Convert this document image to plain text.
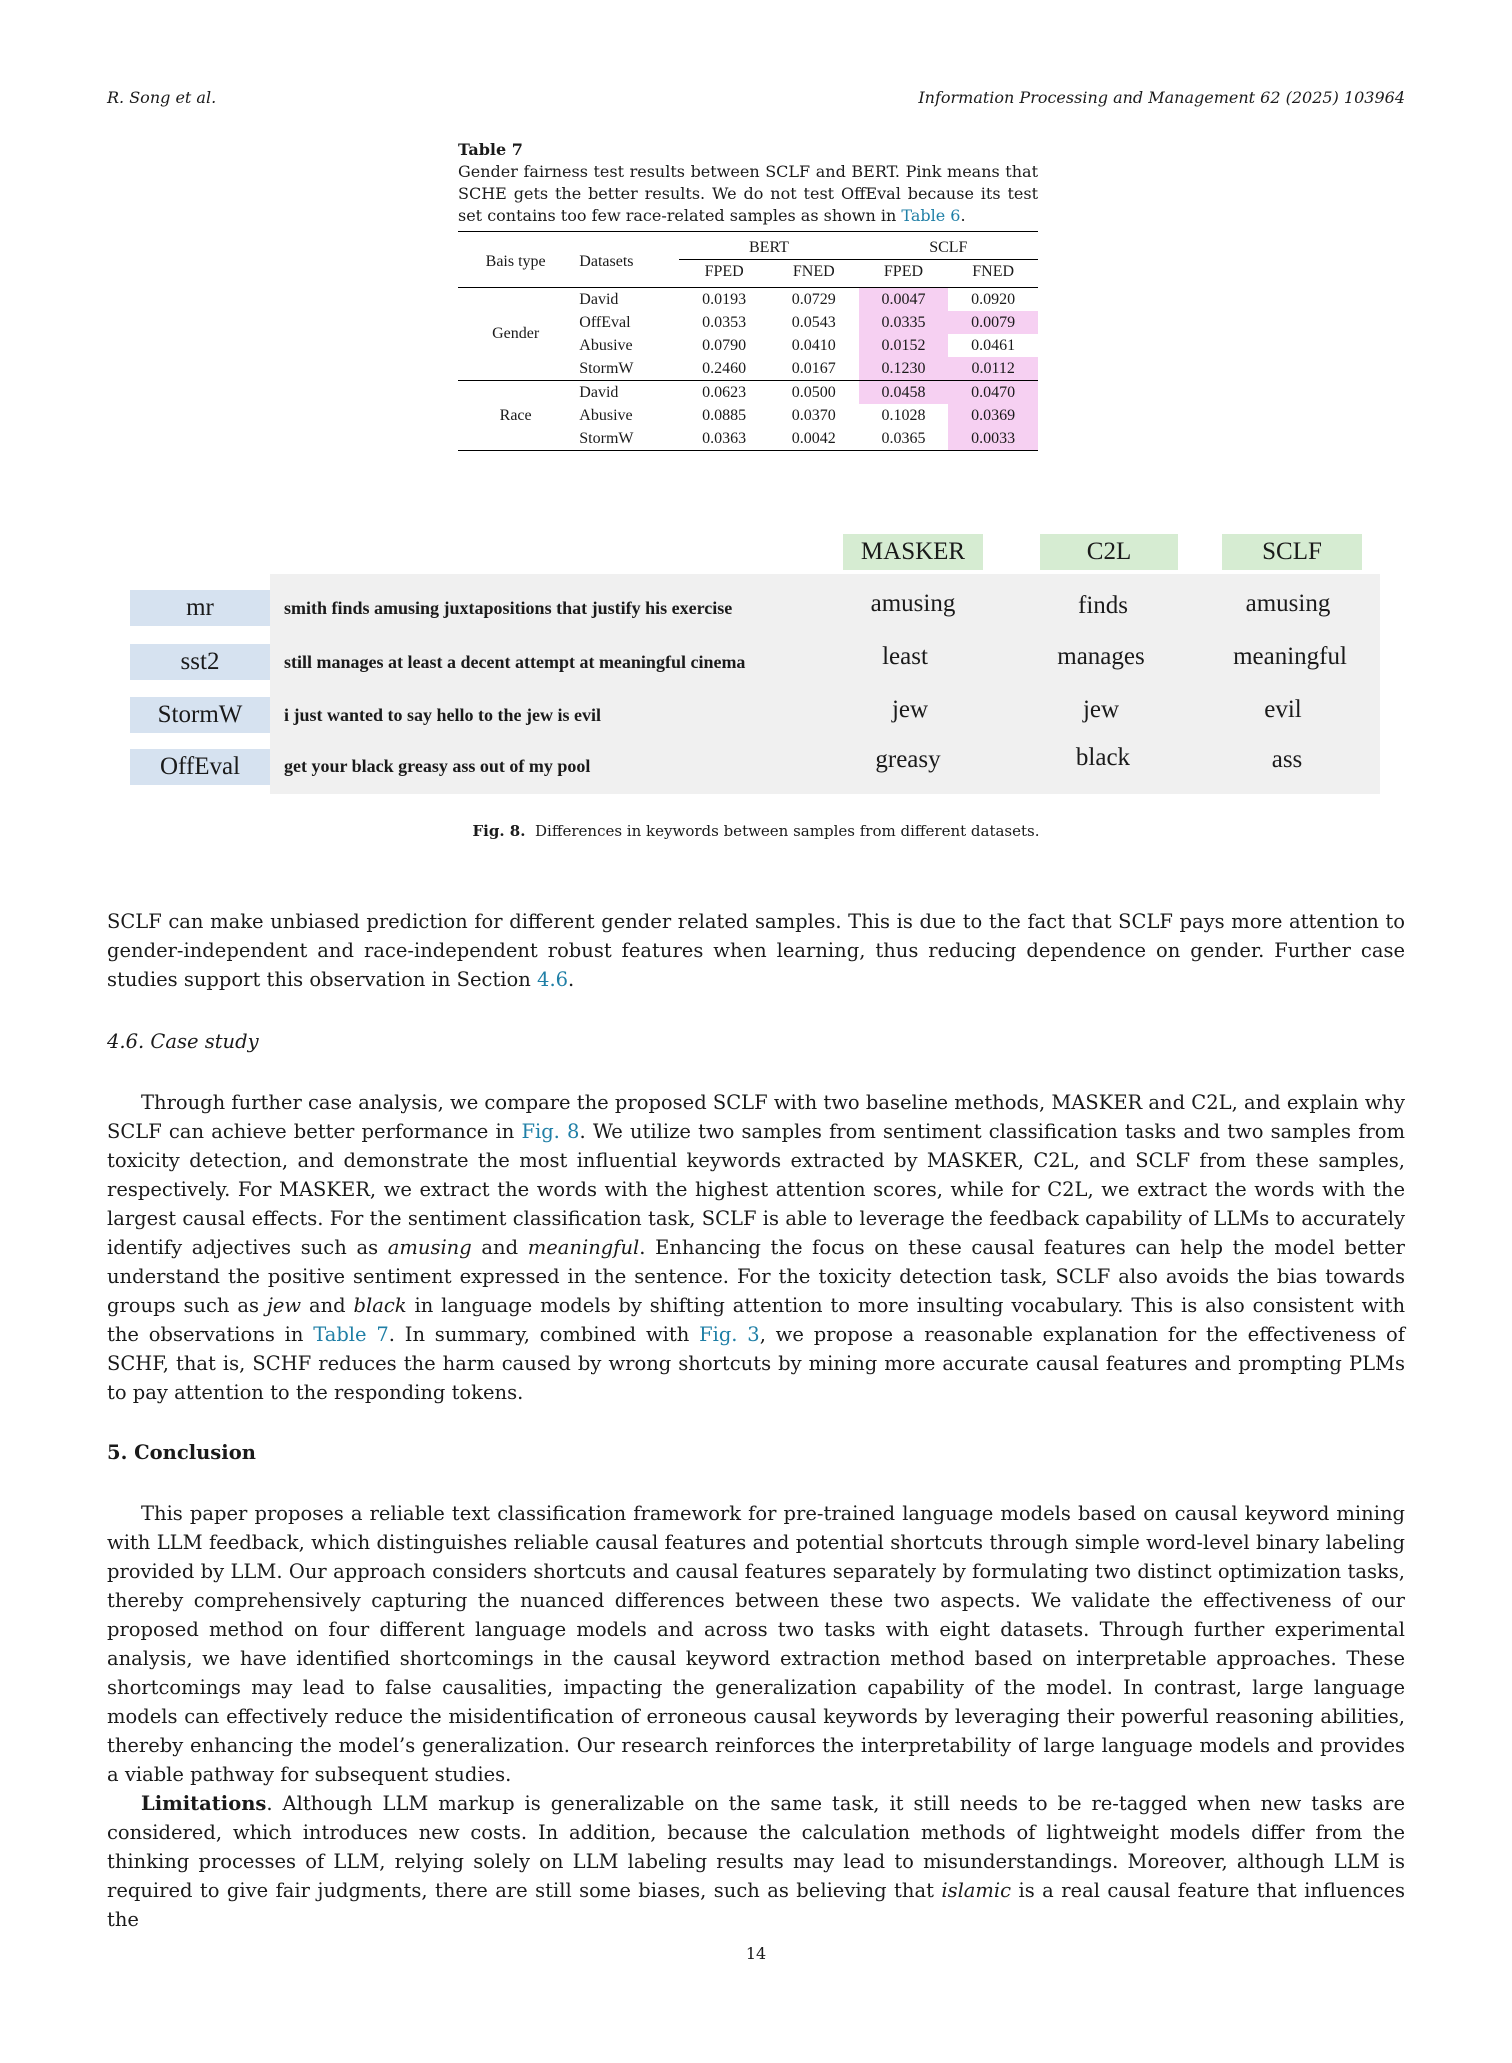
R. Song et al.	Information Processing and Management 62 (2025) 103964
Table 7
Gender fairness test results between SCLF and BERT. Pink means that SCHE gets the better results. We do not test OffEval because its test set contains too few race-related samples as shown in Table 6.
Bais type	Datasets	BERT		SCLF	
		FPED	FNED	FPED	FNED
Gender	David	0.0193	0.0729	0.0047	0.0920
	OffEval	0.0353	0.0543	0.0335	0.0079
	Abusive	0.0790	0.0410	0.0152	0.0461
	StormW	0.2460	0.0167	0.1230	0.0112
Race	David	0.0623	0.0500	0.0458	0.0470
	Abusive	0.0885	0.0370	0.1028	0.0369
	StormW	0.0363	0.0042	0.0365	0.0033
MASKER	C2L	SCLF
mr	smith finds amusing juxtapositions that justify his exercise	amusing	finds	amusing
sst2	still manages at least a decent attempt at meaningful cinema	least	manages	meaningful
StormW	i just wanted to say hello to the jew is evil	jew	jew	evil
OffEval	get your black greasy ass out of my pool	greasy	black	ass
Fig. 8. Differences in keywords between samples from different datasets.
SCLF can make unbiased prediction for different gender related samples. This is due to the fact that SCLF pays more attention to gender-independent and race-independent robust features when learning, thus reducing dependence on gender. Further case studies support this observation in Section 4.6.
4.6. Case study
Through further case analysis, we compare the proposed SCLF with two baseline methods, MASKER and C2L, and explain why SCLF can achieve better performance in Fig. 8. We utilize two samples from sentiment classification tasks and two samples from toxicity detection, and demonstrate the most influential keywords extracted by MASKER, C2L, and SCLF from these samples, respectively. For MASKER, we extract the words with the highest attention scores, while for C2L, we extract the words with the largest causal effects. For the sentiment classification task, SCLF is able to leverage the feedback capability of LLMs to accurately identify adjectives such as amusing and meaningful. Enhancing the focus on these causal features can help the model better understand the positive sentiment expressed in the sentence. For the toxicity detection task, SCLF also avoids the bias towards groups such as jew and black in language models by shifting attention to more insulting vocabulary. This is also consistent with the observations in Table 7. In summary, combined with Fig. 3, we propose a reasonable explanation for the effectiveness of SCHF, that is, SCHF reduces the harm caused by wrong shortcuts by mining more accurate causal features and prompting PLMs to pay attention to the responding tokens.
5. Conclusion
This paper proposes a reliable text classification framework for pre-trained language models based on causal keyword mining with LLM feedback, which distinguishes reliable causal features and potential shortcuts through simple word-level binary labeling provided by LLM. Our approach considers shortcuts and causal features separately by formulating two distinct optimization tasks, thereby comprehensively capturing the nuanced differences between these two aspects. We validate the effectiveness of our proposed method on four different language models and across two tasks with eight datasets. Through further experimental analysis, we have identified shortcomings in the causal keyword extraction method based on interpretable approaches. These shortcomings may lead to false causalities, impacting the generalization capability of the model. In contrast, large language models can effectively reduce the misidentification of erroneous causal keywords by leveraging their powerful reasoning abilities, thereby enhancing the model’s generalization. Our research reinforces the interpretability of large language models and provides a viable pathway for subsequent studies.
Limitations. Although LLM markup is generalizable on the same task, it still needs to be re-tagged when new tasks are considered, which introduces new costs. In addition, because the calculation methods of lightweight models differ from the thinking processes of LLM, relying solely on LLM labeling results may lead to misunderstandings. Moreover, although LLM is required to give fair judgments, there are still some biases, such as believing that islamic is a real causal feature that influences the
14
